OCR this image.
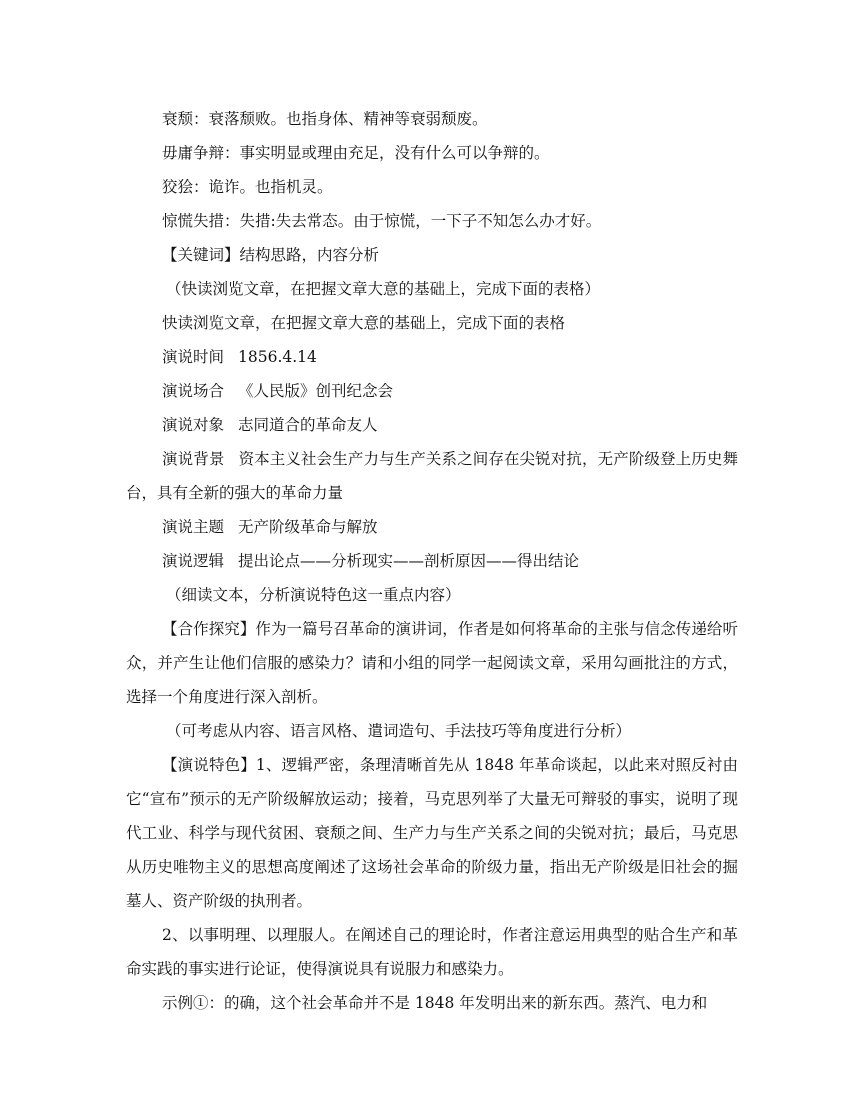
衰颓：衰落颓败。也指身体、精神等衰弱颓废。

毋庸争辩：事实明显或理由充足，没有什么可以争辩的。

狡狯：诡诈。也指机灵。

惊慌失措：失措:失去常态。由于惊慌，一下子不知怎么办才好。

【关键词】结构思路，内容分析

（快读浏览文章，在把握文章大意的基础上，完成下面的表格）

快读浏览文章，在把握文章大意的基础上，完成下面的表格

演说时间 1856.4.14

演说场合 《人民版》创刊纪念会

演说对象 志同道合的革命友人

演说背景 资本主义社会生产力与生产关系之间存在尖锐对抗，无产阶级登上历史舞台，具有全新的强大的革命力量

演说主题 无产阶级革命与解放

演说逻辑 提出论点——分析现实——剖析原因——得出结论

（细读文本，分析演说特色这一重点内容）

【合作探究】作为一篇号召革命的演讲词，作者是如何将革命的主张与信念传递给听众，并产生让他们信服的感染力？请和小组的同学一起阅读文章，采用勾画批注的方式，选择一个角度进行深入剖析。

（可考虑从内容、语言风格、遣词造句、手法技巧等角度进行分析）

【演说特色】1、逻辑严密，条理清晰首先从 1848 年革命谈起，以此来对照反衬由它“宣布”预示的无产阶级解放运动；接着，马克思列举了大量无可辩驳的事实，说明了现代工业、科学与现代贫困、衰颓之间、生产力与生产关系之间的尖锐对抗；最后，马克思从历史唯物主义的思想高度阐述了这场社会革命的阶级力量，指出无产阶级是旧社会的掘墓人、资产阶级的执刑者。

2、以事明理、以理服人。在阐述自己的理论时，作者注意运用典型的贴合生产和革命实践的事实进行论证，使得演说具有说服力和感染力。

示例①：的确，这个社会革命并不是 1848 年发明出来的新东西。蒸汽、电力和
